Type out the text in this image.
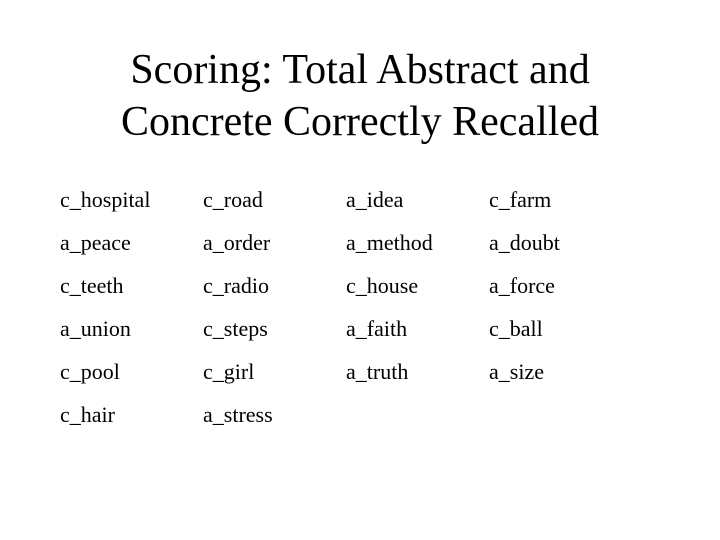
Scoring: Total Abstract and
Concrete Correctly Recalled
c_hospital	c_road	a_idea	c_farm
a_peace	a_order	a_method	a_doubt
c_teeth	c_radio	c_house	a_force
a_union	c_steps	a_faith	c_ball
c_pool	c_girl	a_truth	a_size
c_hair	a_stress
